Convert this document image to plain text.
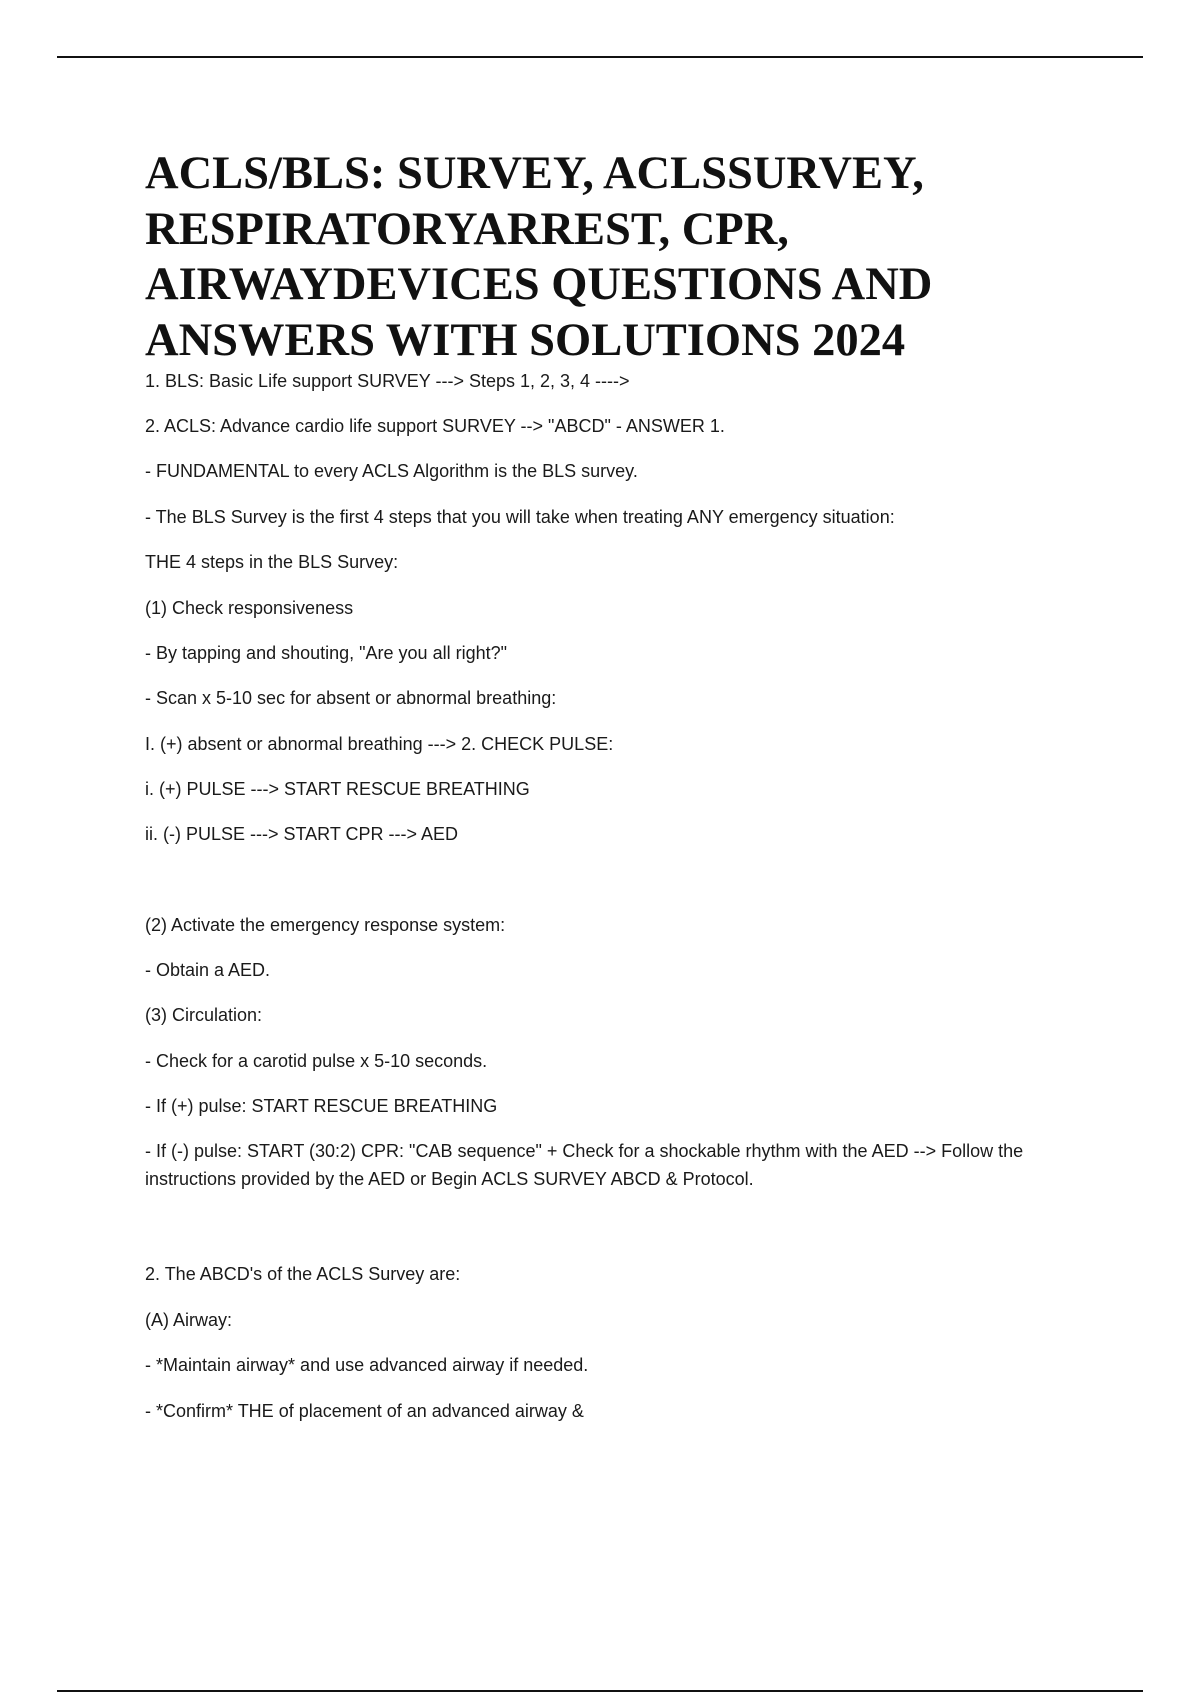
ACLS/BLS: SURVEY, ACLSSURVEY,
RESPIRATORYARREST, CPR,
AIRWAYDEVICES QUESTIONS AND
ANSWERS WITH SOLUTIONS 2024
1. BLS: Basic Life support SURVEY ---> Steps 1, 2, 3, 4 ---->
2. ACLS: Advance cardio life support SURVEY --> "ABCD" - ANSWER 1.
- FUNDAMENTAL to every ACLS Algorithm is the BLS survey.
- The BLS Survey is the first 4 steps that you will take when treating ANY emergency situation:
THE 4 steps in the BLS Survey:
(1) Check responsiveness
- By tapping and shouting, "Are you all right?"
- Scan x 5-10 sec for absent or abnormal breathing:
I. (+) absent or abnormal breathing ---> 2. CHECK PULSE:
i. (+) PULSE ---> START RESCUE BREATHING
ii. (-) PULSE ---> START CPR ---> AED
(2) Activate the emergency response system:
- Obtain a AED.
(3) Circulation:
- Check for a carotid pulse x 5-10 seconds.
- If (+) pulse: START RESCUE BREATHING
- If (-) pulse: START (30:2) CPR: "CAB sequence" + Check for a shockable rhythm with the AED --> Follow the instructions provided by the AED or Begin ACLS SURVEY ABCD & Protocol.
2. The ABCD's of the ACLS Survey are:
(A) Airway:
- *Maintain airway* and use advanced airway if needed.
- *Confirm* THE of placement of an advanced airway &
